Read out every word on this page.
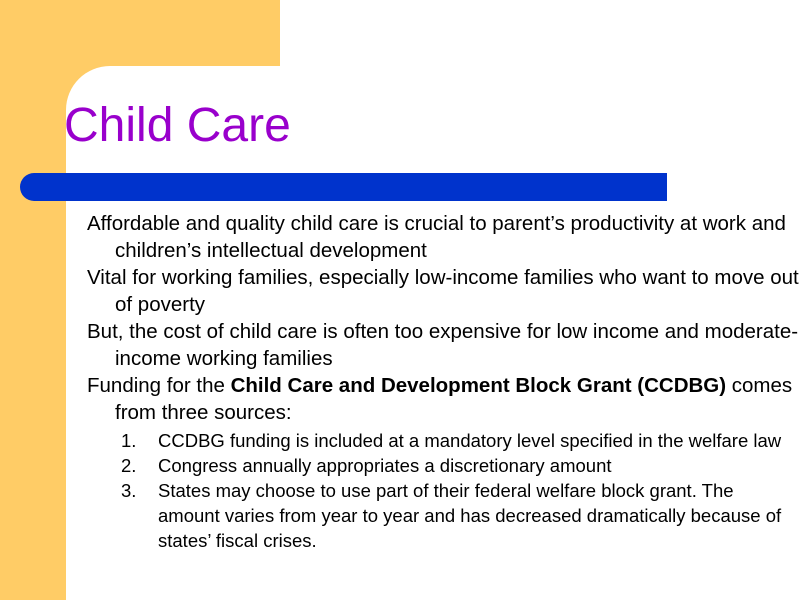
Child Care

Affordable and quality child care is crucial to parent’s productivity at work and children’s intellectual development

Vital for working families, especially low-income families who want to move out of poverty

But, the cost of child care is often too expensive for low income and moderate-income working families

Funding for the Child Care and Development Block Grant (CCDBG) comes from three sources:

1. CCDBG funding is included at a mandatory level specified in the welfare law
2. Congress annually appropriates a discretionary amount
3. States may choose to use part of their federal welfare block grant. The amount varies from year to year and has decreased dramatically because of states’ fiscal crises.
